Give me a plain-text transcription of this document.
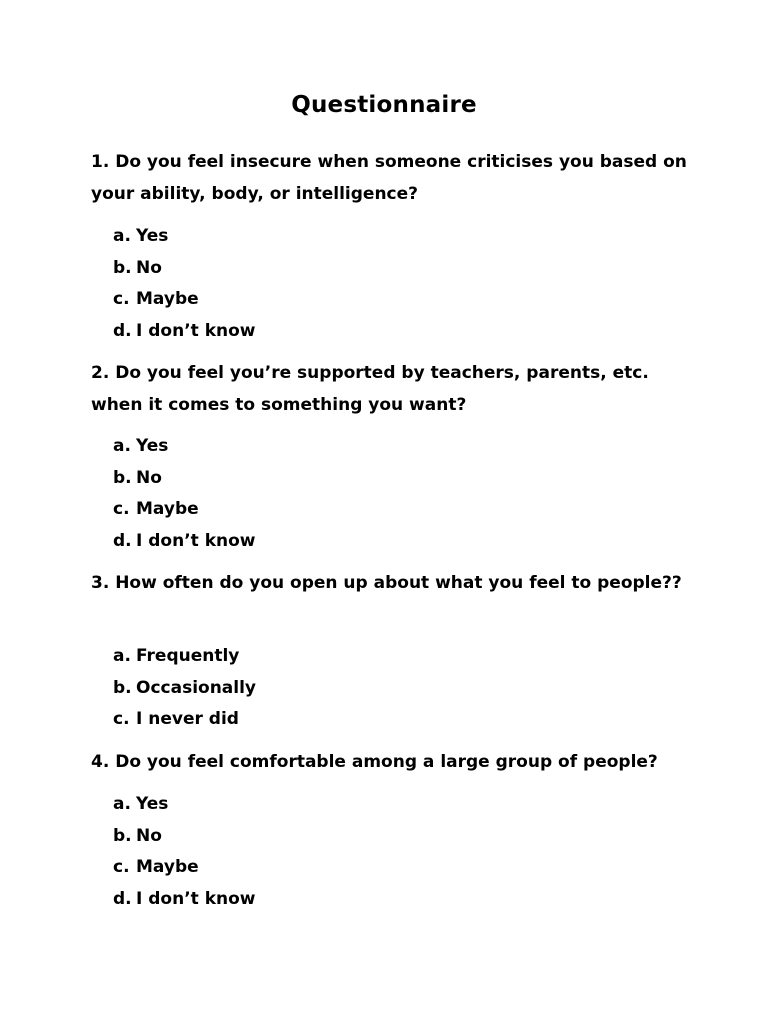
Questionnaire
1. Do you feel insecure when someone criticises you based on your ability, body, or intelligence?
a. Yes
b. No
c. Maybe
d. I don’t know
2. Do you feel you’re supported by teachers, parents, etc. when it comes to something you want?
a. Yes
b. No
c. Maybe
d. I don’t know
3. How often do you open up about what you feel to people??
a. Frequently
b. Occasionally
c. I never did
4. Do you feel comfortable among a large group of people?
a. Yes
b. No
c. Maybe
d. I don’t know
